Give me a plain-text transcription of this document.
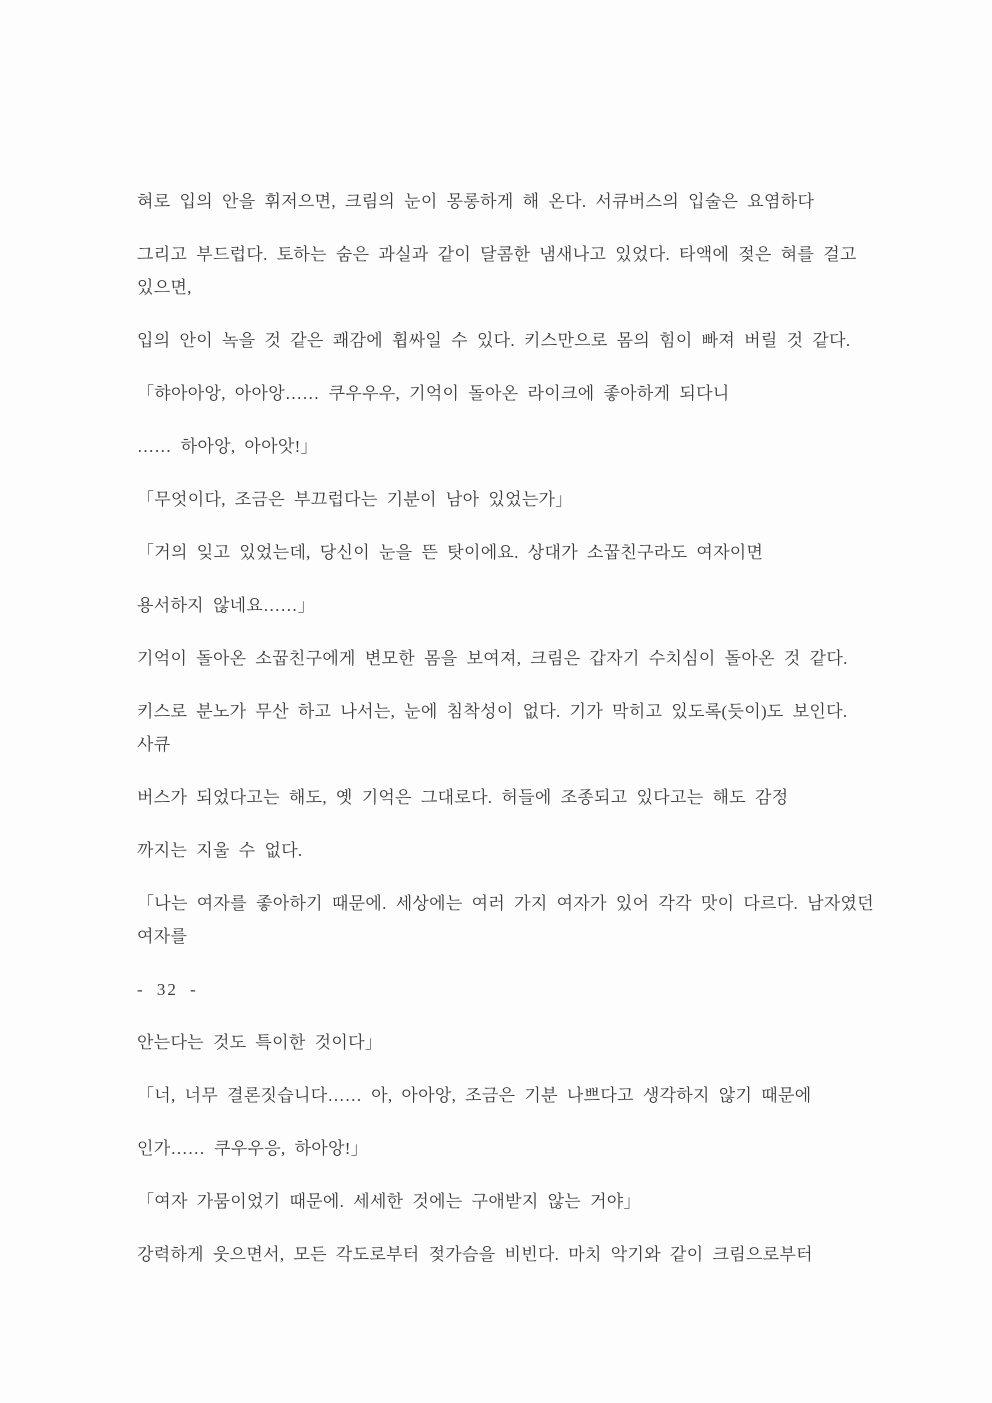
혀로 입의 안을 휘저으면, 크림의 눈이 몽롱하게 해 온다. 서큐버스의 입술은 요염하다

그리고 부드럽다. 토하는 숨은 과실과 같이 달콤한 냄새나고 있었다. 타액에 젖은 혀를 걸고
있으면,

입의 안이 녹을 것 같은 쾌감에 휩싸일 수 있다. 키스만으로 몸의 힘이 빠져 버릴 것 같다.

「햐아아앙, 아아앙…… 쿠우우우, 기억이 돌아온 라이크에 좋아하게 되다니

…… 하아앙, 아아앗!」

「무엇이다, 조금은 부끄럽다는 기분이 남아 있었는가」

「거의 잊고 있었는데, 당신이 눈을 뜬 탓이에요. 상대가 소꿉친구라도 여자이면

용서하지 않네요……」

기억이 돌아온 소꿉친구에게 변모한 몸을 보여져, 크림은 갑자기 수치심이 돌아온 것 같다.

키스로 분노가 무산 하고 나서는, 눈에 침착성이 없다. 기가 막히고 있도록(듯이)도 보인다.
사큐

버스가 되었다고는 해도, 옛 기억은 그대로다. 허들에 조종되고 있다고는 해도 감정

까지는 지울 수 없다.

「나는 여자를 좋아하기 때문에. 세상에는 여러 가지 여자가 있어 각각 맛이 다르다. 남자였던
여자를

- 32 -

안는다는 것도 특이한 것이다」

「너, 너무 결론짓습니다…… 아, 아아앙, 조금은 기분 나쁘다고 생각하지 않기 때문에

인가…… 쿠우우응, 하아앙!」

「여자 가뭄이었기 때문에. 세세한 것에는 구애받지 않는 거야」

강력하게 웃으면서, 모든 각도로부터 젖가슴을 비빈다. 마치 악기와 같이 크림으로부터
